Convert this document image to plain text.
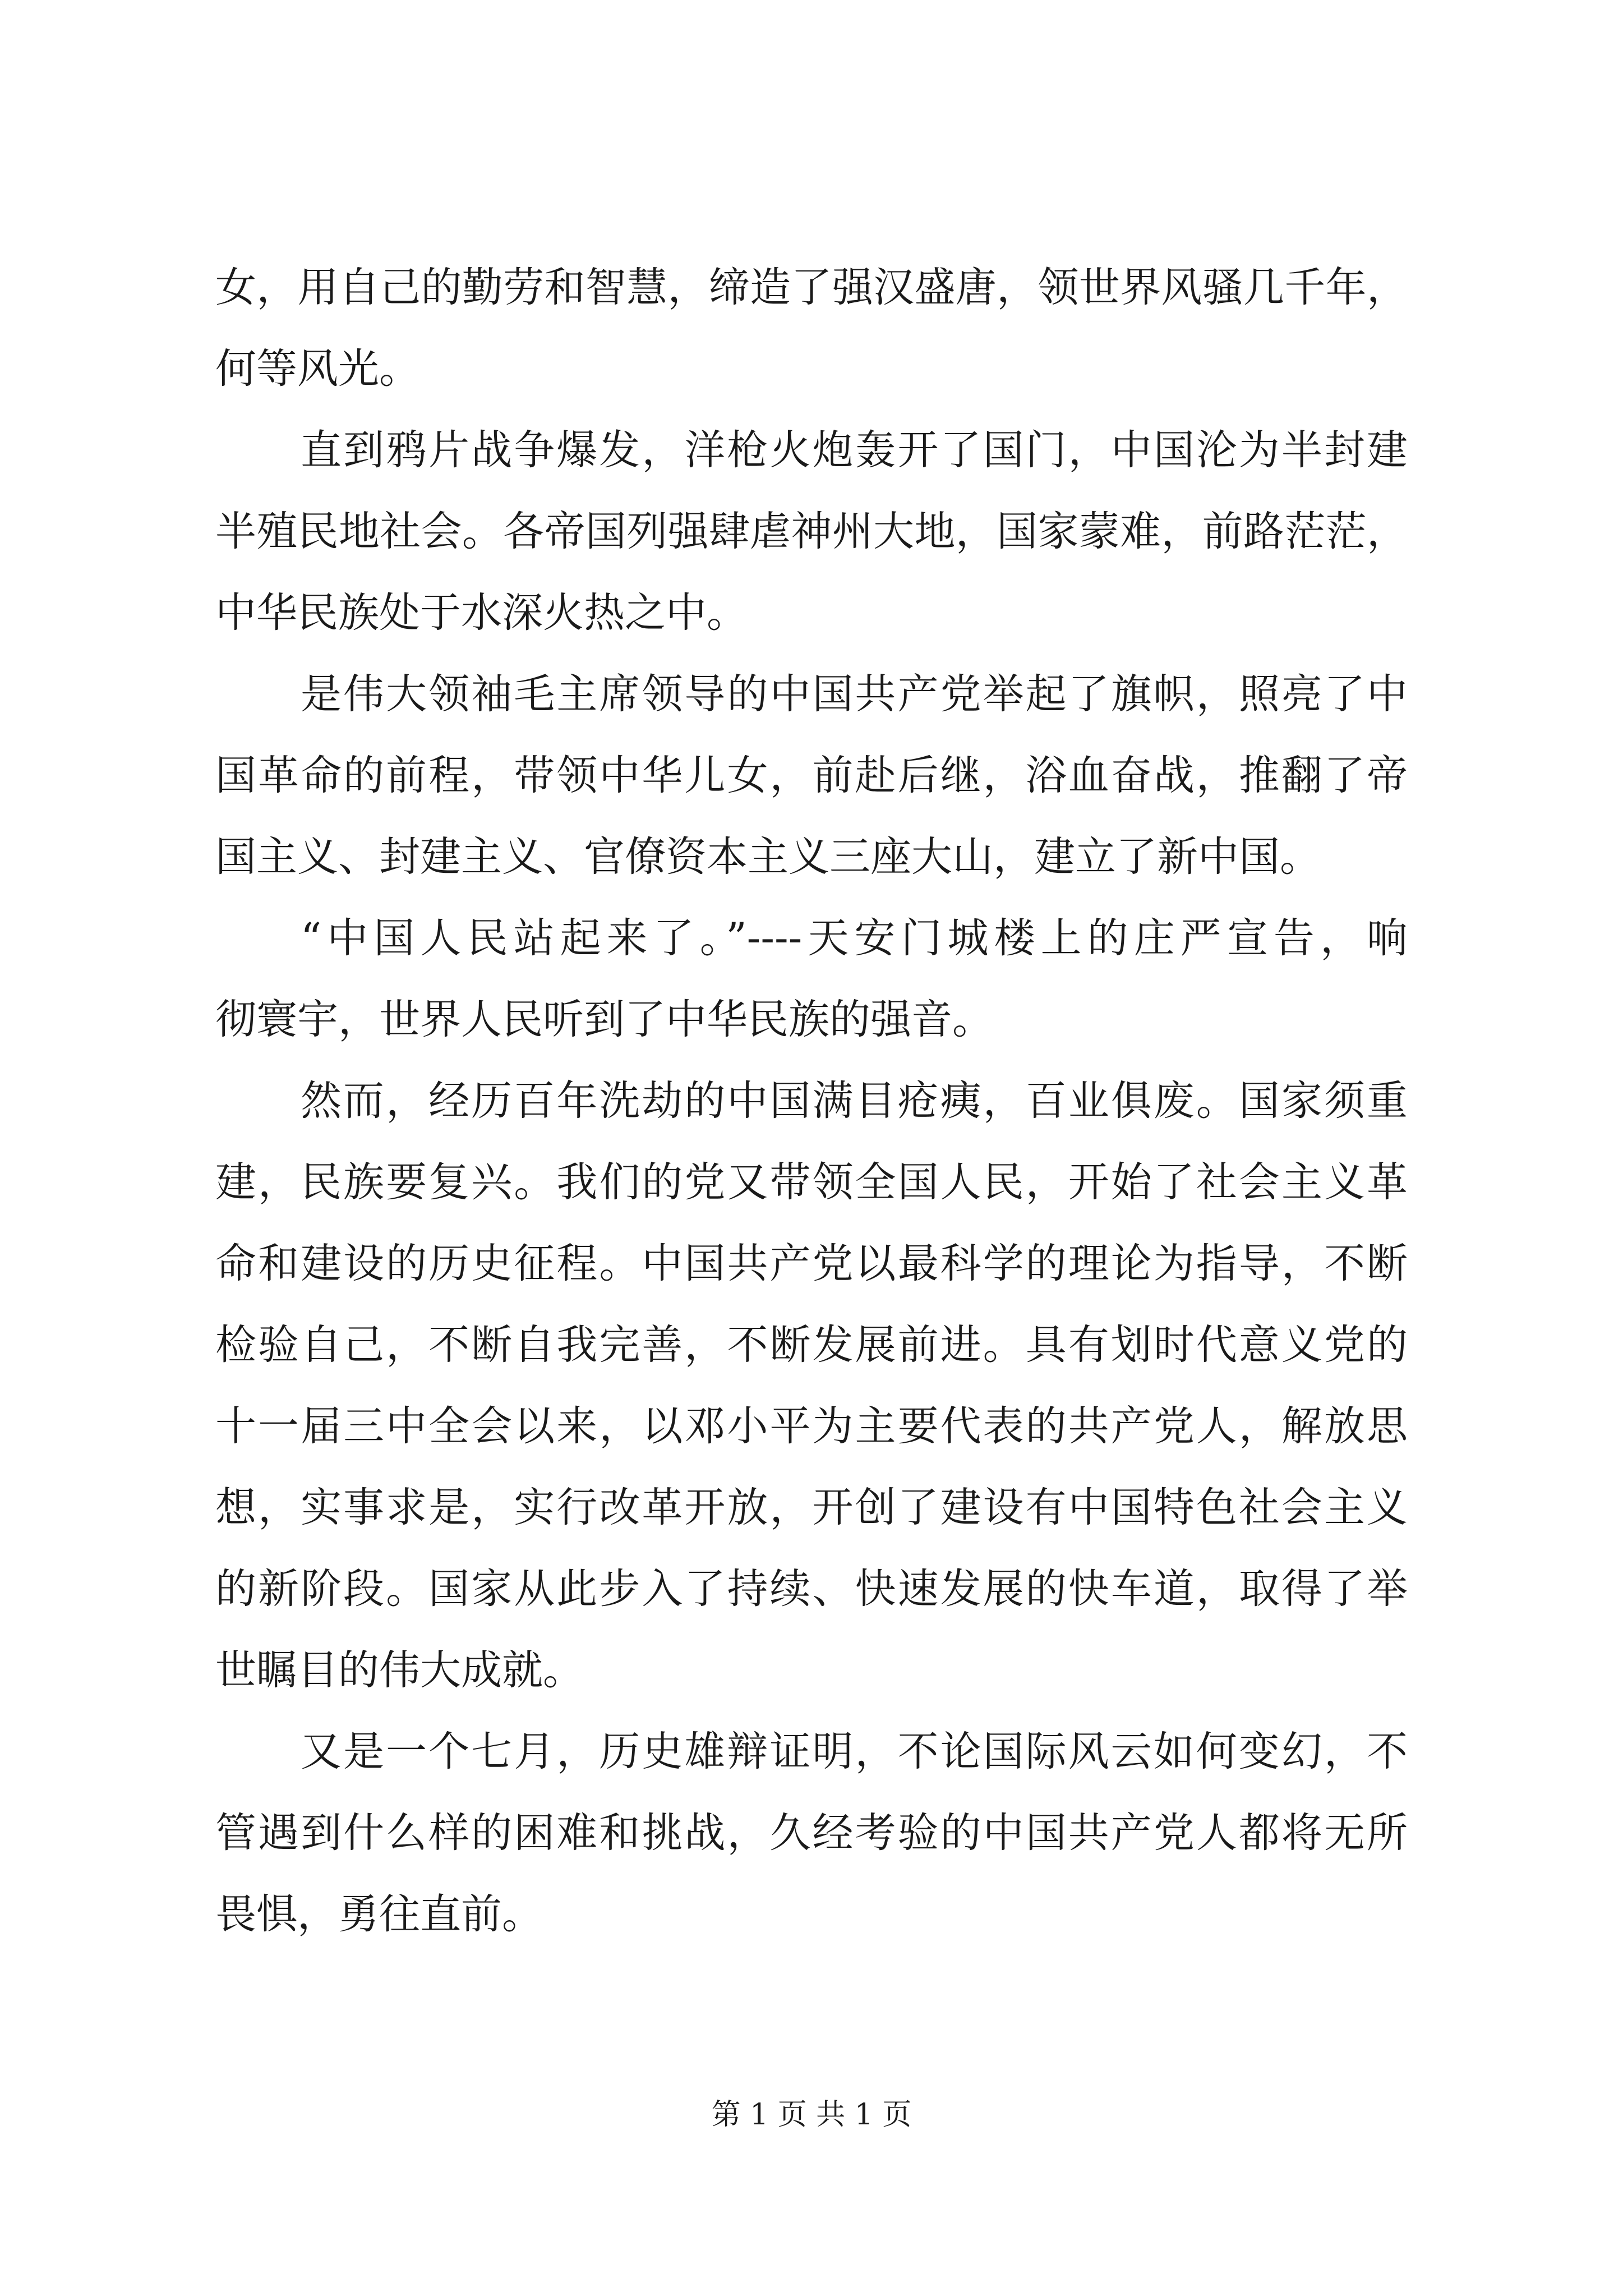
女，用自己的勤劳和智慧，缔造了强汉盛唐，领世界风骚几千年，
何等风光。
直到鸦片战争爆发，洋枪火炮轰开了国门，中国沦为半封建
半殖民地社会。各帝国列强肆虐神州大地，国家蒙难，前路茫茫，
中华民族处于水深火热之中。
是伟大领袖毛主席领导的中国共产党举起了旗帜，照亮了中
国革命的前程，带领中华儿女，前赴后继，浴血奋战，推翻了帝
国主义、封建主义、官僚资本主义三座大山，建立了新中国。
“中国人民站起来了。”----天安门城楼上的庄严宣告，响
彻寰宇，世界人民听到了中华民族的强音。
然而，经历百年洗劫的中国满目疮痍，百业俱废。国家须重
建，民族要复兴。我们的党又带领全国人民，开始了社会主义革
命和建设的历史征程。中国共产党以最科学的理论为指导，不断
检验自己，不断自我完善，不断发展前进。具有划时代意义党的
十一届三中全会以来，以邓小平为主要代表的共产党人，解放思
想，实事求是，实行改革开放，开创了建设有中国特色社会主义
的新阶段。国家从此步入了持续、快速发展的快车道，取得了举
世瞩目的伟大成就。
又是一个七月，历史雄辩证明，不论国际风云如何变幻，不
管遇到什么样的困难和挑战，久经考验的中国共产党人都将无所
畏惧，勇往直前。
第 1 页 共 1 页
